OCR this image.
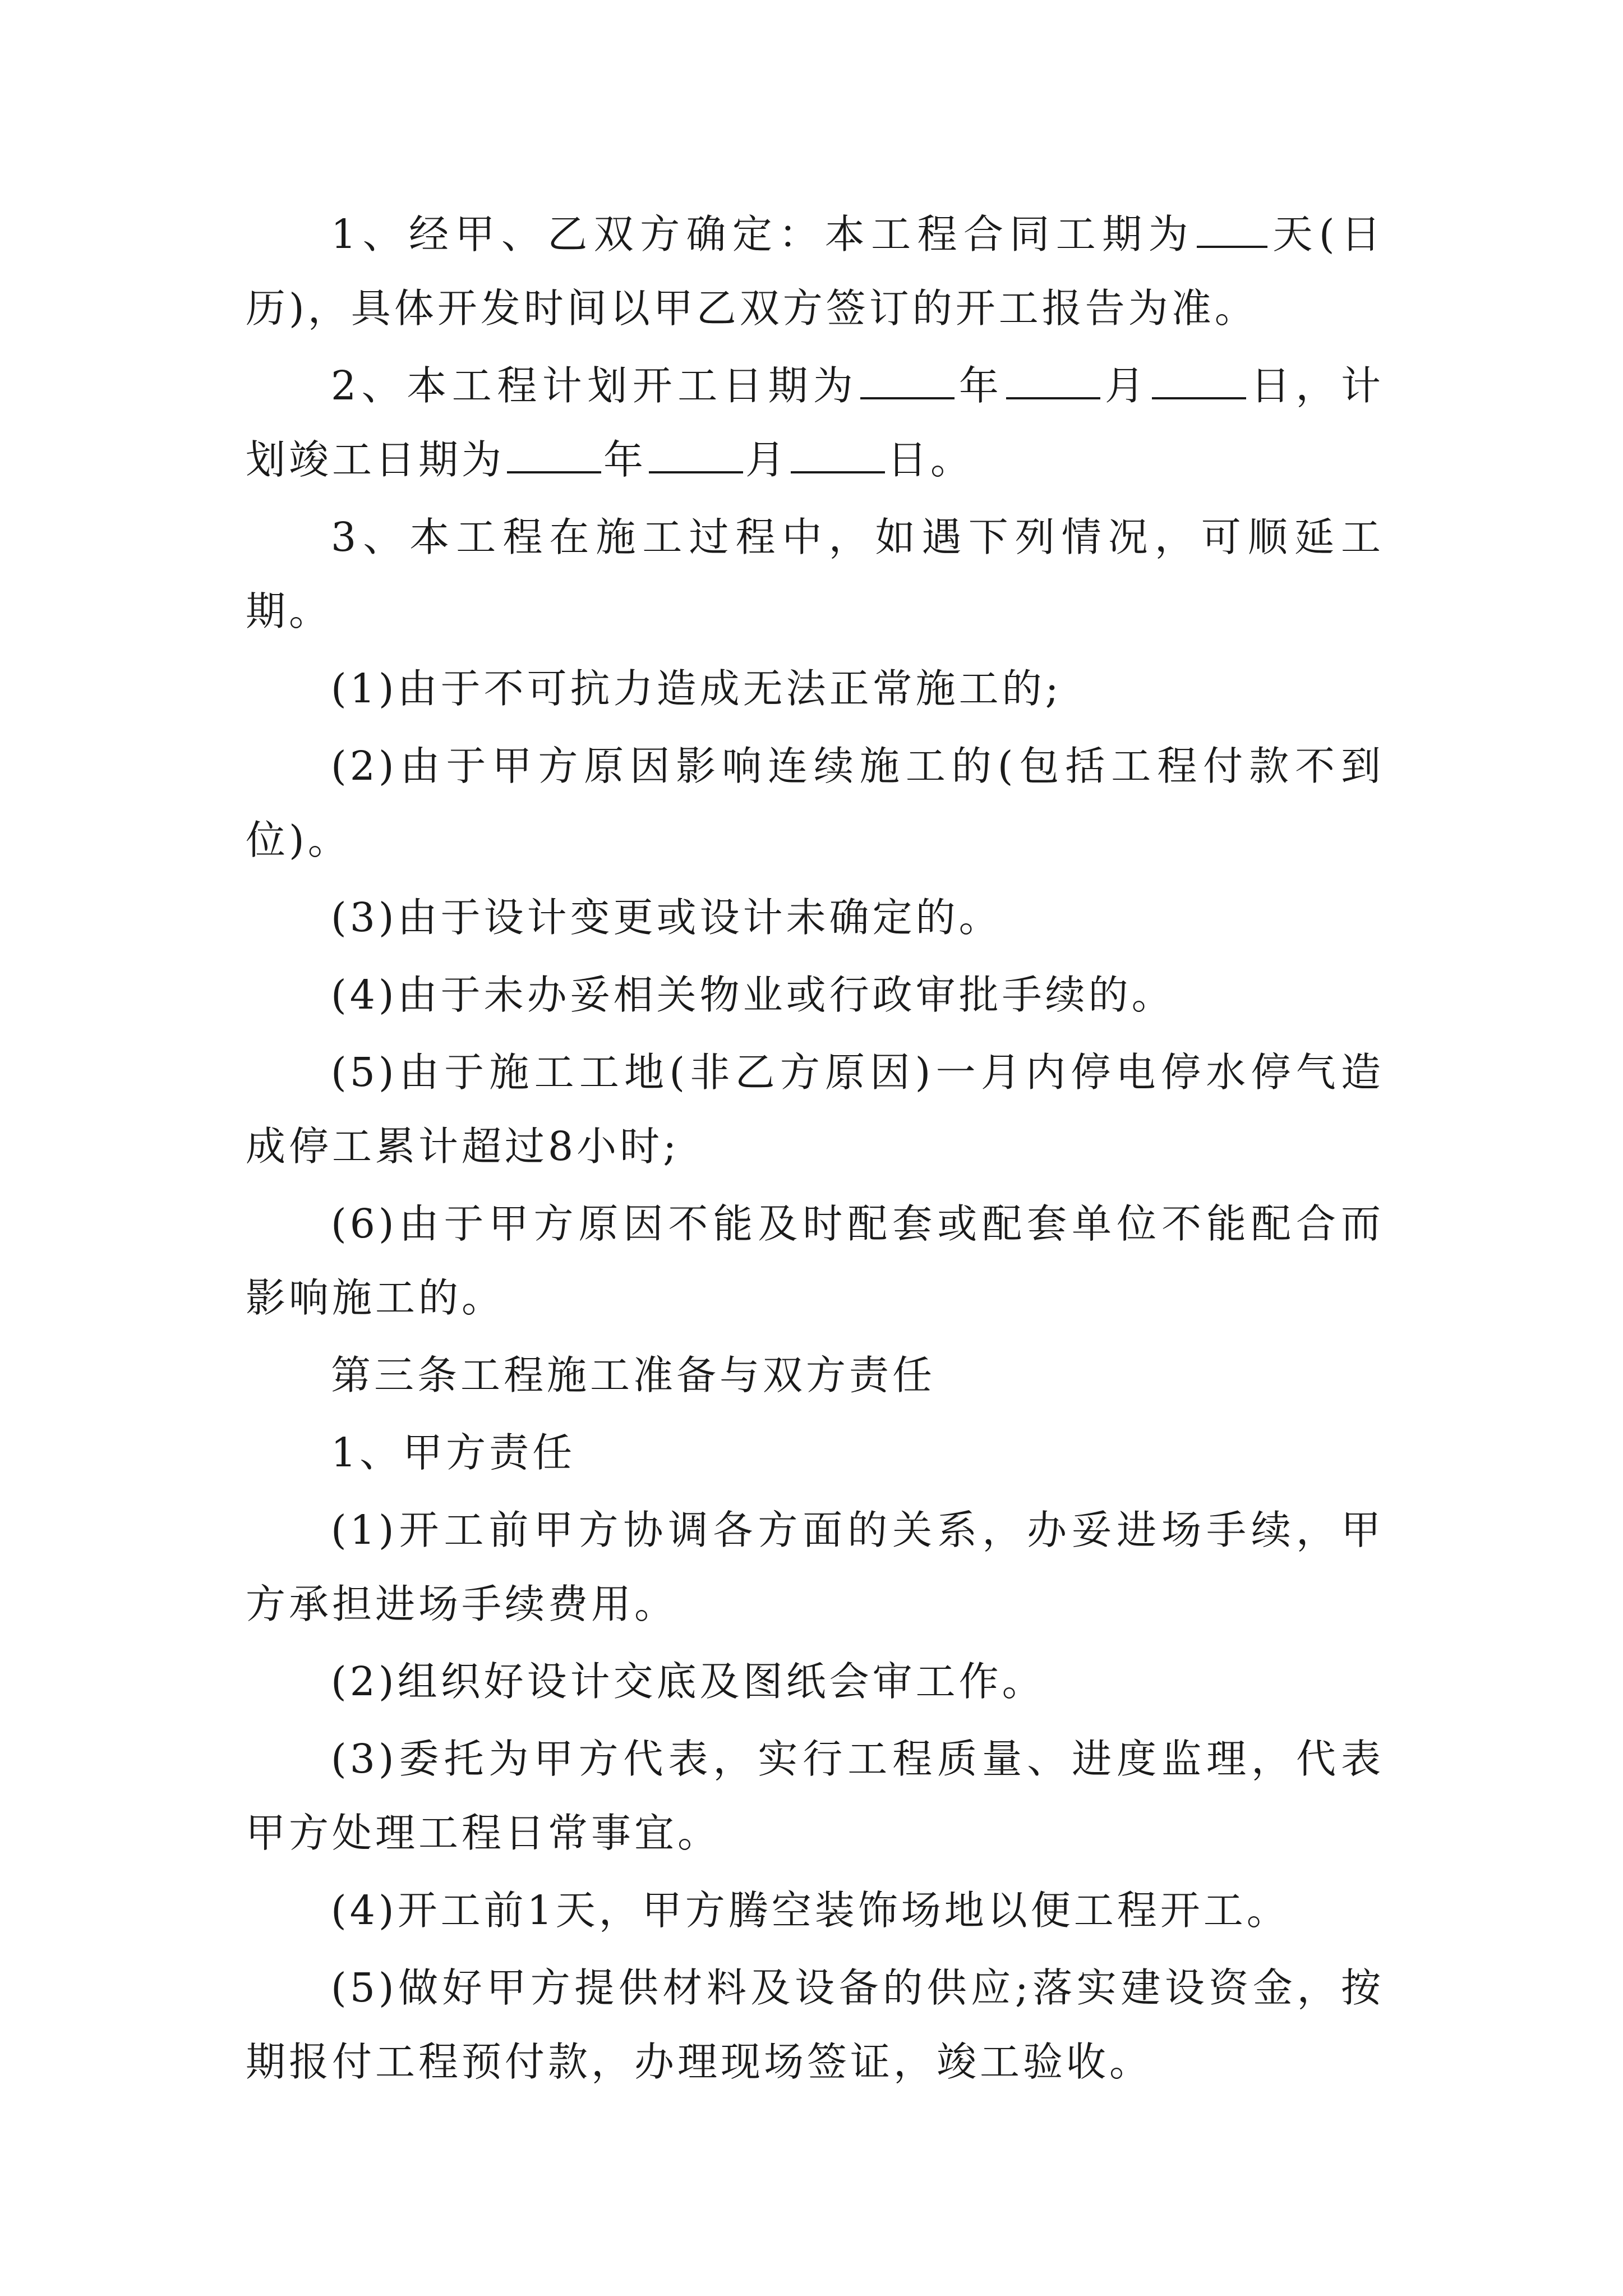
1、经甲、乙双方确定：本工程合同工期为 天(日历)，具体开发时间以甲乙双方签订的开工报告为准。

2、本工程计划开工日期为 年 月 日，计划竣工日期为 年 月 日。

3、本工程在施工过程中，如遇下列情况，可顺延工期。

(1)由于不可抗力造成无法正常施工的;

(2)由于甲方原因影响连续施工的(包括工程付款不到位)。

(3)由于设计变更或设计未确定的。

(4)由于未办妥相关物业或行政审批手续的。

(5)由于施工工地(非乙方原因)一月内停电停水停气造成停工累计超过8小时;

(6)由于甲方原因不能及时配套或配套单位不能配合而影响施工的。

第三条工程施工准备与双方责任

1、甲方责任

(1)开工前甲方协调各方面的关系，办妥进场手续，甲方承担进场手续费用。

(2)组织好设计交底及图纸会审工作。

(3)委托为甲方代表，实行工程质量、进度监理，代表甲方处理工程日常事宜。

(4)开工前1天，甲方腾空装饰场地以便工程开工。

(5)做好甲方提供材料及设备的供应;落实建设资金，按期报付工程预付款，办理现场签证，竣工验收。
